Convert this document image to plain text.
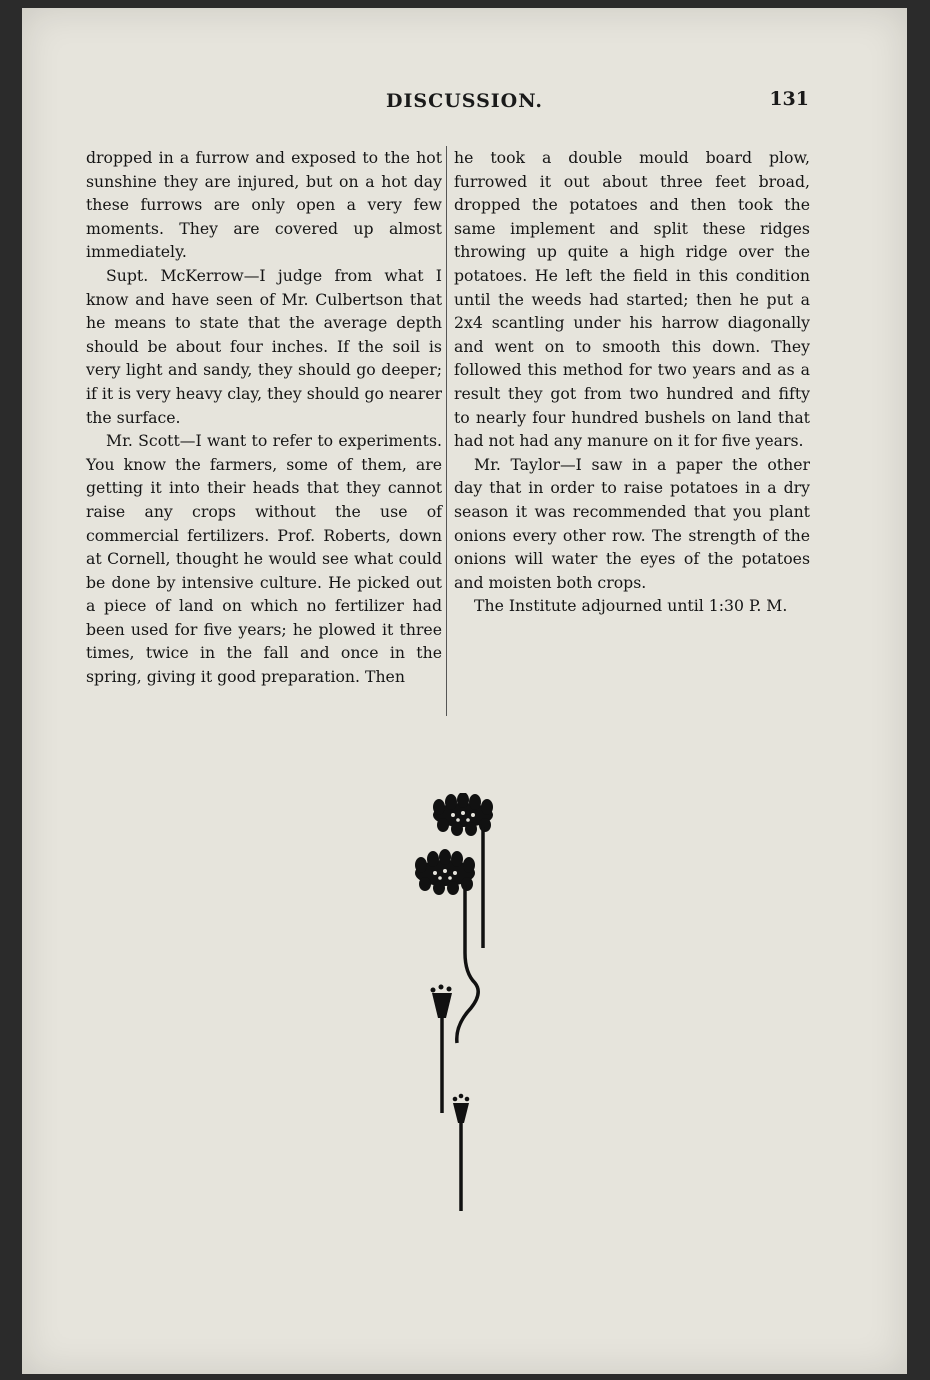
DISCUSSION.	131

dropped in a furrow and exposed to the hot sunshine they are injured, but on a hot day these furrows are only open a very few moments. They are covered up almost immediately.

Supt. McKerrow—I judge from what I know and have seen of Mr. Culbertson that he means to state that the average depth should be about four inches. If the soil is very light and sandy, they should go deeper; if it is very heavy clay, they should go nearer the surface.

Mr. Scott—I want to refer to experiments. You know the farmers, some of them, are getting it into their heads that they cannot raise any crops without the use of commercial fertilizers. Prof. Roberts, down at Cornell, thought he would see what could be done by intensive culture. He picked out a piece of land on which no fertilizer had been used for five years; he plowed it three times, twice in the fall and once in the spring, giving it good preparation. Then

he took a double mould board plow, furrowed it out about three feet broad, dropped the potatoes and then took the same implement and split these ridges throwing up quite a high ridge over the potatoes. He left the field in this condition until the weeds had started; then he put a 2x4 scantling under his harrow diagonally and went on to smooth this down. They followed this method for two years and as a result they got from two hundred and fifty to nearly four hundred bushels on land that had not had any manure on it for five years.

Mr. Taylor—I saw in a paper the other day that in order to raise potatoes in a dry season it was recommended that you plant onions every other row. The strength of the onions will water the eyes of the potatoes and moisten both crops.

The Institute adjourned until 1:30 P. M.
